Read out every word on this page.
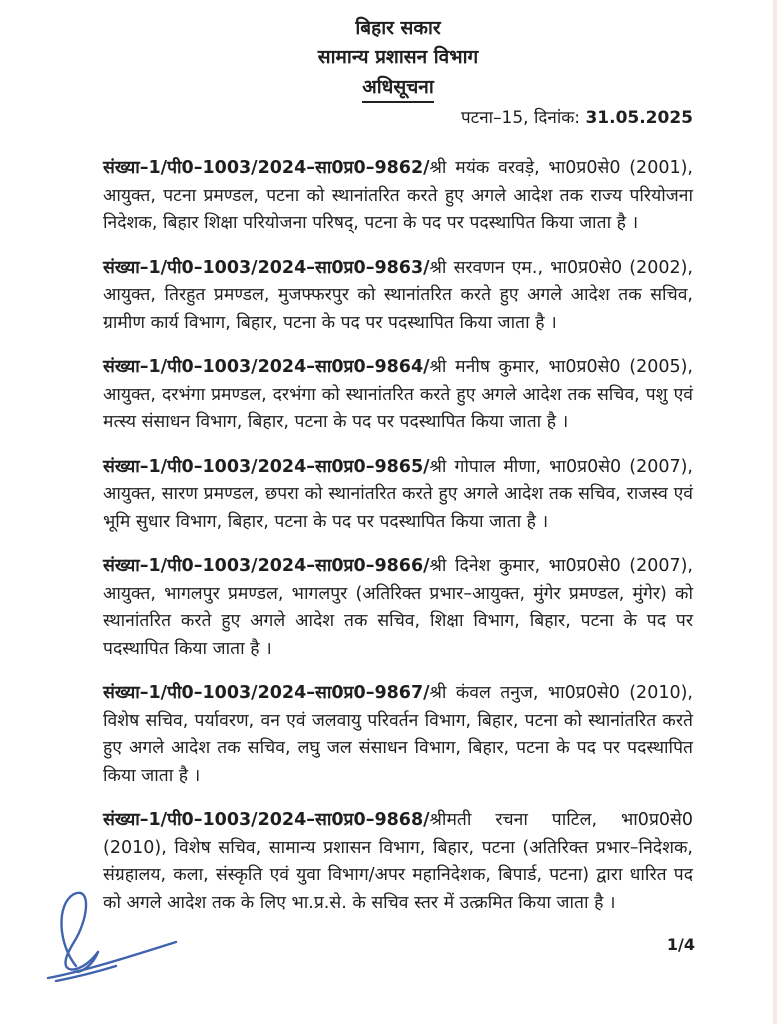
बिहार सकार
सामान्य प्रशासन विभाग
अधिसूचना
पटना–15, दिनांक: 31.05.2025

संख्या–1/पी0–1003/2024–सा0प्र0–9862/श्री मयंक वरवड़े, भा0प्र0से0 (2001), आयुक्त, पटना प्रमण्डल, पटना को स्थानांतरित करते हुए अगले आदेश तक राज्य परियोजना निदेशक, बिहार शिक्षा परियोजना परिषद्, पटना के पद पर पदस्थापित किया जाता है ।

संख्या–1/पी0–1003/2024–सा0प्र0–9863/श्री सरवणन एम., भा0प्र0से0 (2002), आयुक्त, तिरहुत प्रमण्डल, मुजफ्फरपुर को स्थानांतरित करते हुए अगले आदेश तक सचिव, ग्रामीण कार्य विभाग, बिहार, पटना के पद पर पदस्थापित किया जाता है ।

संख्या–1/पी0–1003/2024–सा0प्र0–9864/श्री मनीष कुमार, भा0प्र0से0 (2005), आयुक्त, दरभंगा प्रमण्डल, दरभंगा को स्थानांतरित करते हुए अगले आदेश तक सचिव, पशु एवं मत्स्य संसाधन विभाग, बिहार, पटना के पद पर पदस्थापित किया जाता है ।

संख्या–1/पी0–1003/2024–सा0प्र0–9865/श्री गोपाल मीणा, भा0प्र0से0 (2007), आयुक्त, सारण प्रमण्डल, छपरा को स्थानांतरित करते हुए अगले आदेश तक सचिव, राजस्व एवं भूमि सुधार विभाग, बिहार, पटना के पद पर पदस्थापित किया जाता है ।

संख्या–1/पी0–1003/2024–सा0प्र0–9866/श्री दिनेश कुमार, भा0प्र0से0 (2007), आयुक्त, भागलपुर प्रमण्डल, भागलपुर (अतिरिक्त प्रभार–आयुक्त, मुंगेर प्रमण्डल, मुंगेर) को स्थानांतरित करते हुए अगले आदेश तक सचिव, शिक्षा विभाग, बिहार, पटना के पद पर पदस्थापित किया जाता है ।

संख्या–1/पी0–1003/2024–सा0प्र0–9867/श्री कंवल तनुज, भा0प्र0से0 (2010), विशेष सचिव, पर्यावरण, वन एवं जलवायु परिवर्तन विभाग, बिहार, पटना को स्थानांतरित करते हुए अगले आदेश तक सचिव, लघु जल संसाधन विभाग, बिहार, पटना के पद पर पदस्थापित किया जाता है ।

संख्या–1/पी0–1003/2024–सा0प्र0–9868/श्रीमती रचना पाटिल, भा0प्र0से0 (2010), विशेष सचिव, सामान्य प्रशासन विभाग, बिहार, पटना (अतिरिक्त प्रभार–निदेशक, संग्रहालय, कला, संस्कृति एवं युवा विभाग/अपर महानिदेशक, बिपार्ड, पटना) द्वारा धारित पद को अगले आदेश तक के लिए भा.प्र.से. के सचिव स्तर में उत्क्रमित किया जाता है ।

1/4
